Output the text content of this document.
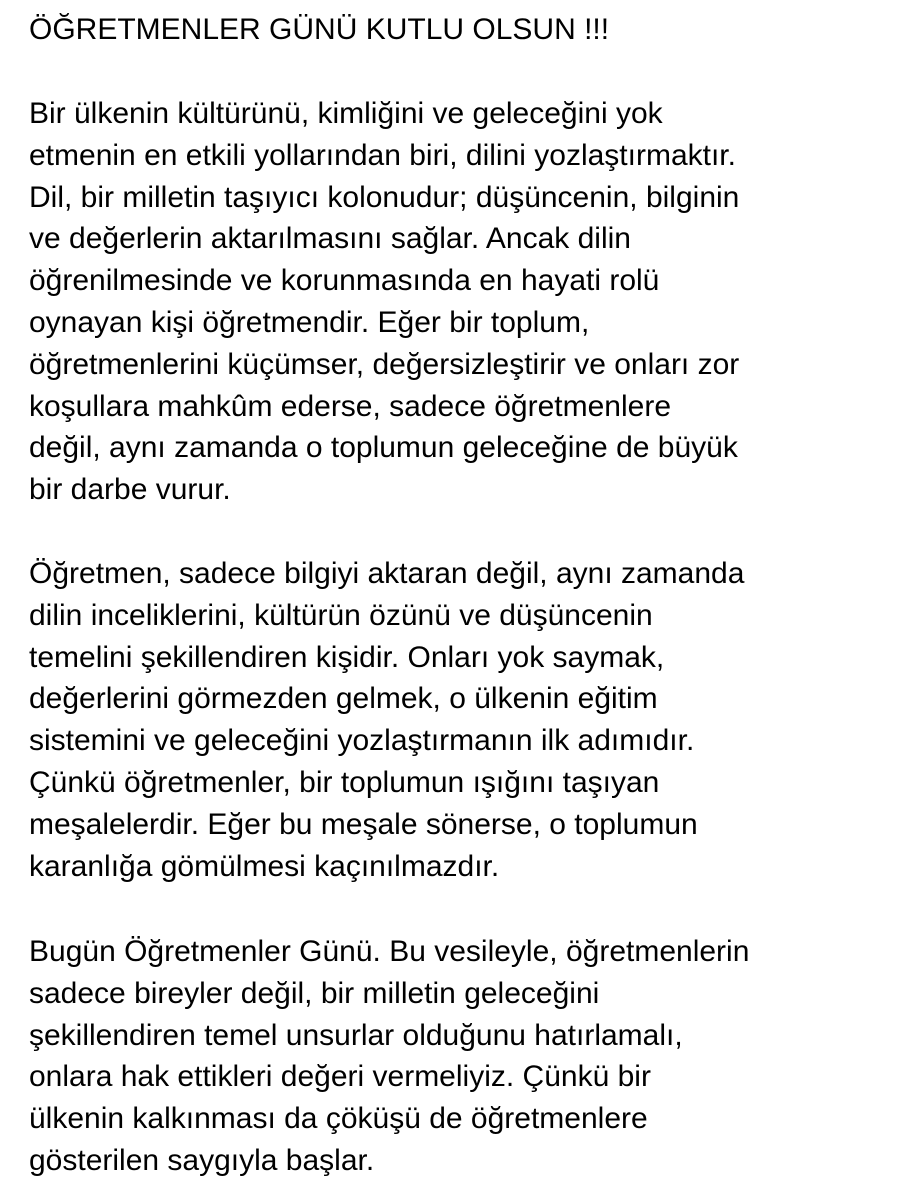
ÖĞRETMENLER GÜNÜ KUTLU OLSUN !!!
Bir ülkenin kültürünü, kimliğini ve geleceğini yok
etmenin en etkili yollarından biri, dilini yozlaştırmaktır.
Dil, bir milletin taşıyıcı kolonudur; düşüncenin, bilginin
ve değerlerin aktarılmasını sağlar. Ancak dilin
öğrenilmesinde ve korunmasında en hayati rolü
oynayan kişi öğretmendir. Eğer bir toplum,
öğretmenlerini küçümser, değersizleştirir ve onları zor
koşullara mahkûm ederse, sadece öğretmenlere
değil, aynı zamanda o toplumun geleceğine de büyük
bir darbe vurur.
Öğretmen, sadece bilgiyi aktaran değil, aynı zamanda
dilin inceliklerini, kültürün özünü ve düşüncenin
temelini şekillendiren kişidir. Onları yok saymak,
değerlerini görmezden gelmek, o ülkenin eğitim
sistemini ve geleceğini yozlaştırmanın ilk adımıdır.
Çünkü öğretmenler, bir toplumun ışığını taşıyan
meşalelerdir. Eğer bu meşale sönerse, o toplumun
karanlığa gömülmesi kaçınılmazdır.
Bugün Öğretmenler Günü. Bu vesileyle, öğretmenlerin
sadece bireyler değil, bir milletin geleceğini
şekillendiren temel unsurlar olduğunu hatırlamalı,
onlara hak ettikleri değeri vermeliyiz. Çünkü bir
ülkenin kalkınması da çöküşü de öğretmenlere
gösterilen saygıyla başlar.
